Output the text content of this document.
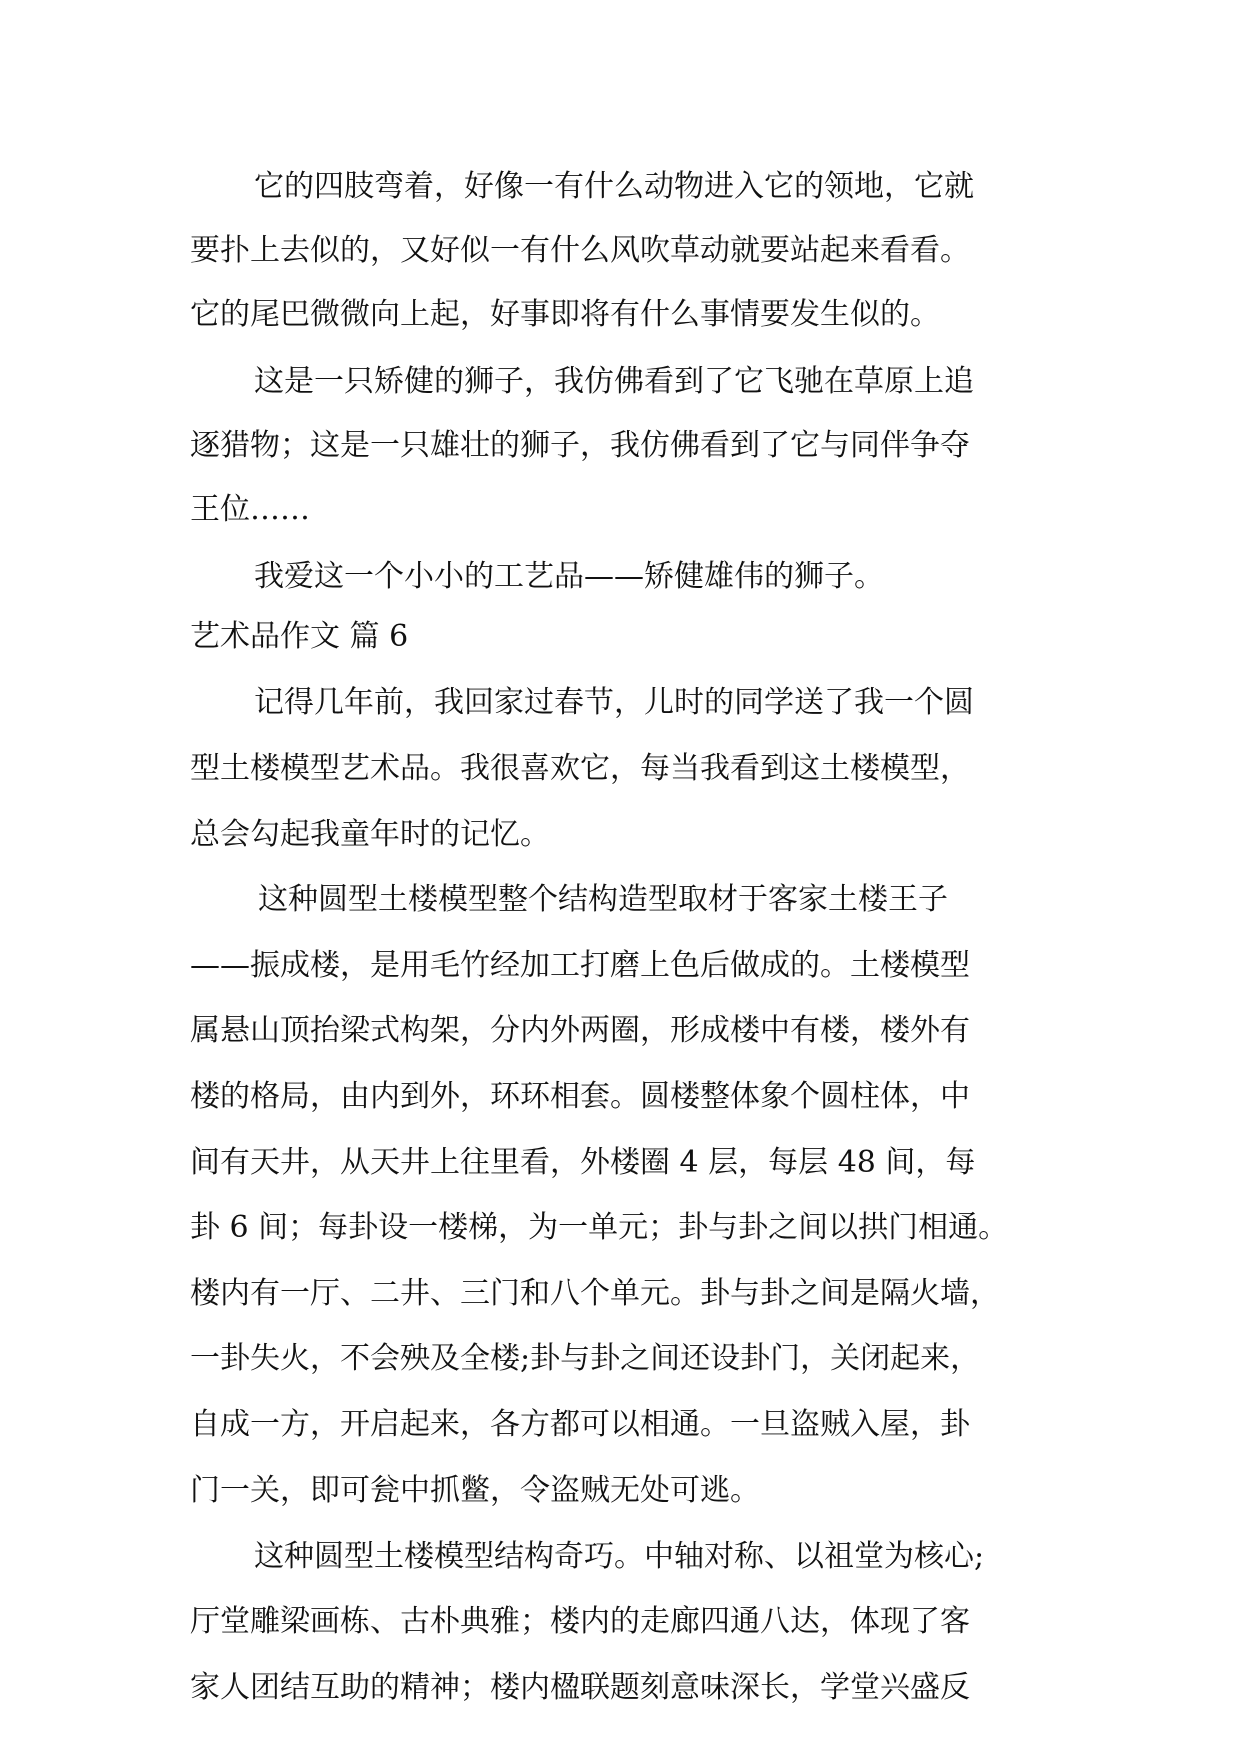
它的四肢弯着，好像一有什么动物进入它的领地，它就
要扑上去似的，又好似一有什么风吹草动就要站起来看看。
它的尾巴微微向上起，好事即将有什么事情要发生似的。
这是一只矫健的狮子，我仿佛看到了它飞驰在草原上追
逐猎物；这是一只雄壮的狮子，我仿佛看到了它与同伴争夺
王位……
我爱这一个小小的工艺品——矫健雄伟的狮子。
艺术品作文 篇 6
记得几年前，我回家过春节，儿时的同学送了我一个圆
型土楼模型艺术品。我很喜欢它，每当我看到这土楼模型，
总会勾起我童年时的记忆。
这种圆型土楼模型整个结构造型取材于客家土楼王子
——振成楼，是用毛竹经加工打磨上色后做成的。土楼模型
属悬山顶抬梁式构架，分内外两圈，形成楼中有楼，楼外有
楼的格局，由内到外，环环相套。圆楼整体象个圆柱体，中
间有天井，从天井上往里看，外楼圈 4 层，每层 48 间，每
卦 6 间；每卦设一楼梯，为一单元；卦与卦之间以拱门相通。
楼内有一厅、二井、三门和八个单元。卦与卦之间是隔火墙，
一卦失火，不会殃及全楼;卦与卦之间还设卦门，关闭起来，
自成一方，开启起来，各方都可以相通。一旦盗贼入屋，卦
门一关，即可瓮中抓鳖，令盗贼无处可逃。
这种圆型土楼模型结构奇巧。中轴对称、以祖堂为核心;
厅堂雕梁画栋、古朴典雅；楼内的走廊四通八达，体现了客
家人团结互助的精神；楼内楹联题刻意味深长，学堂兴盛反
